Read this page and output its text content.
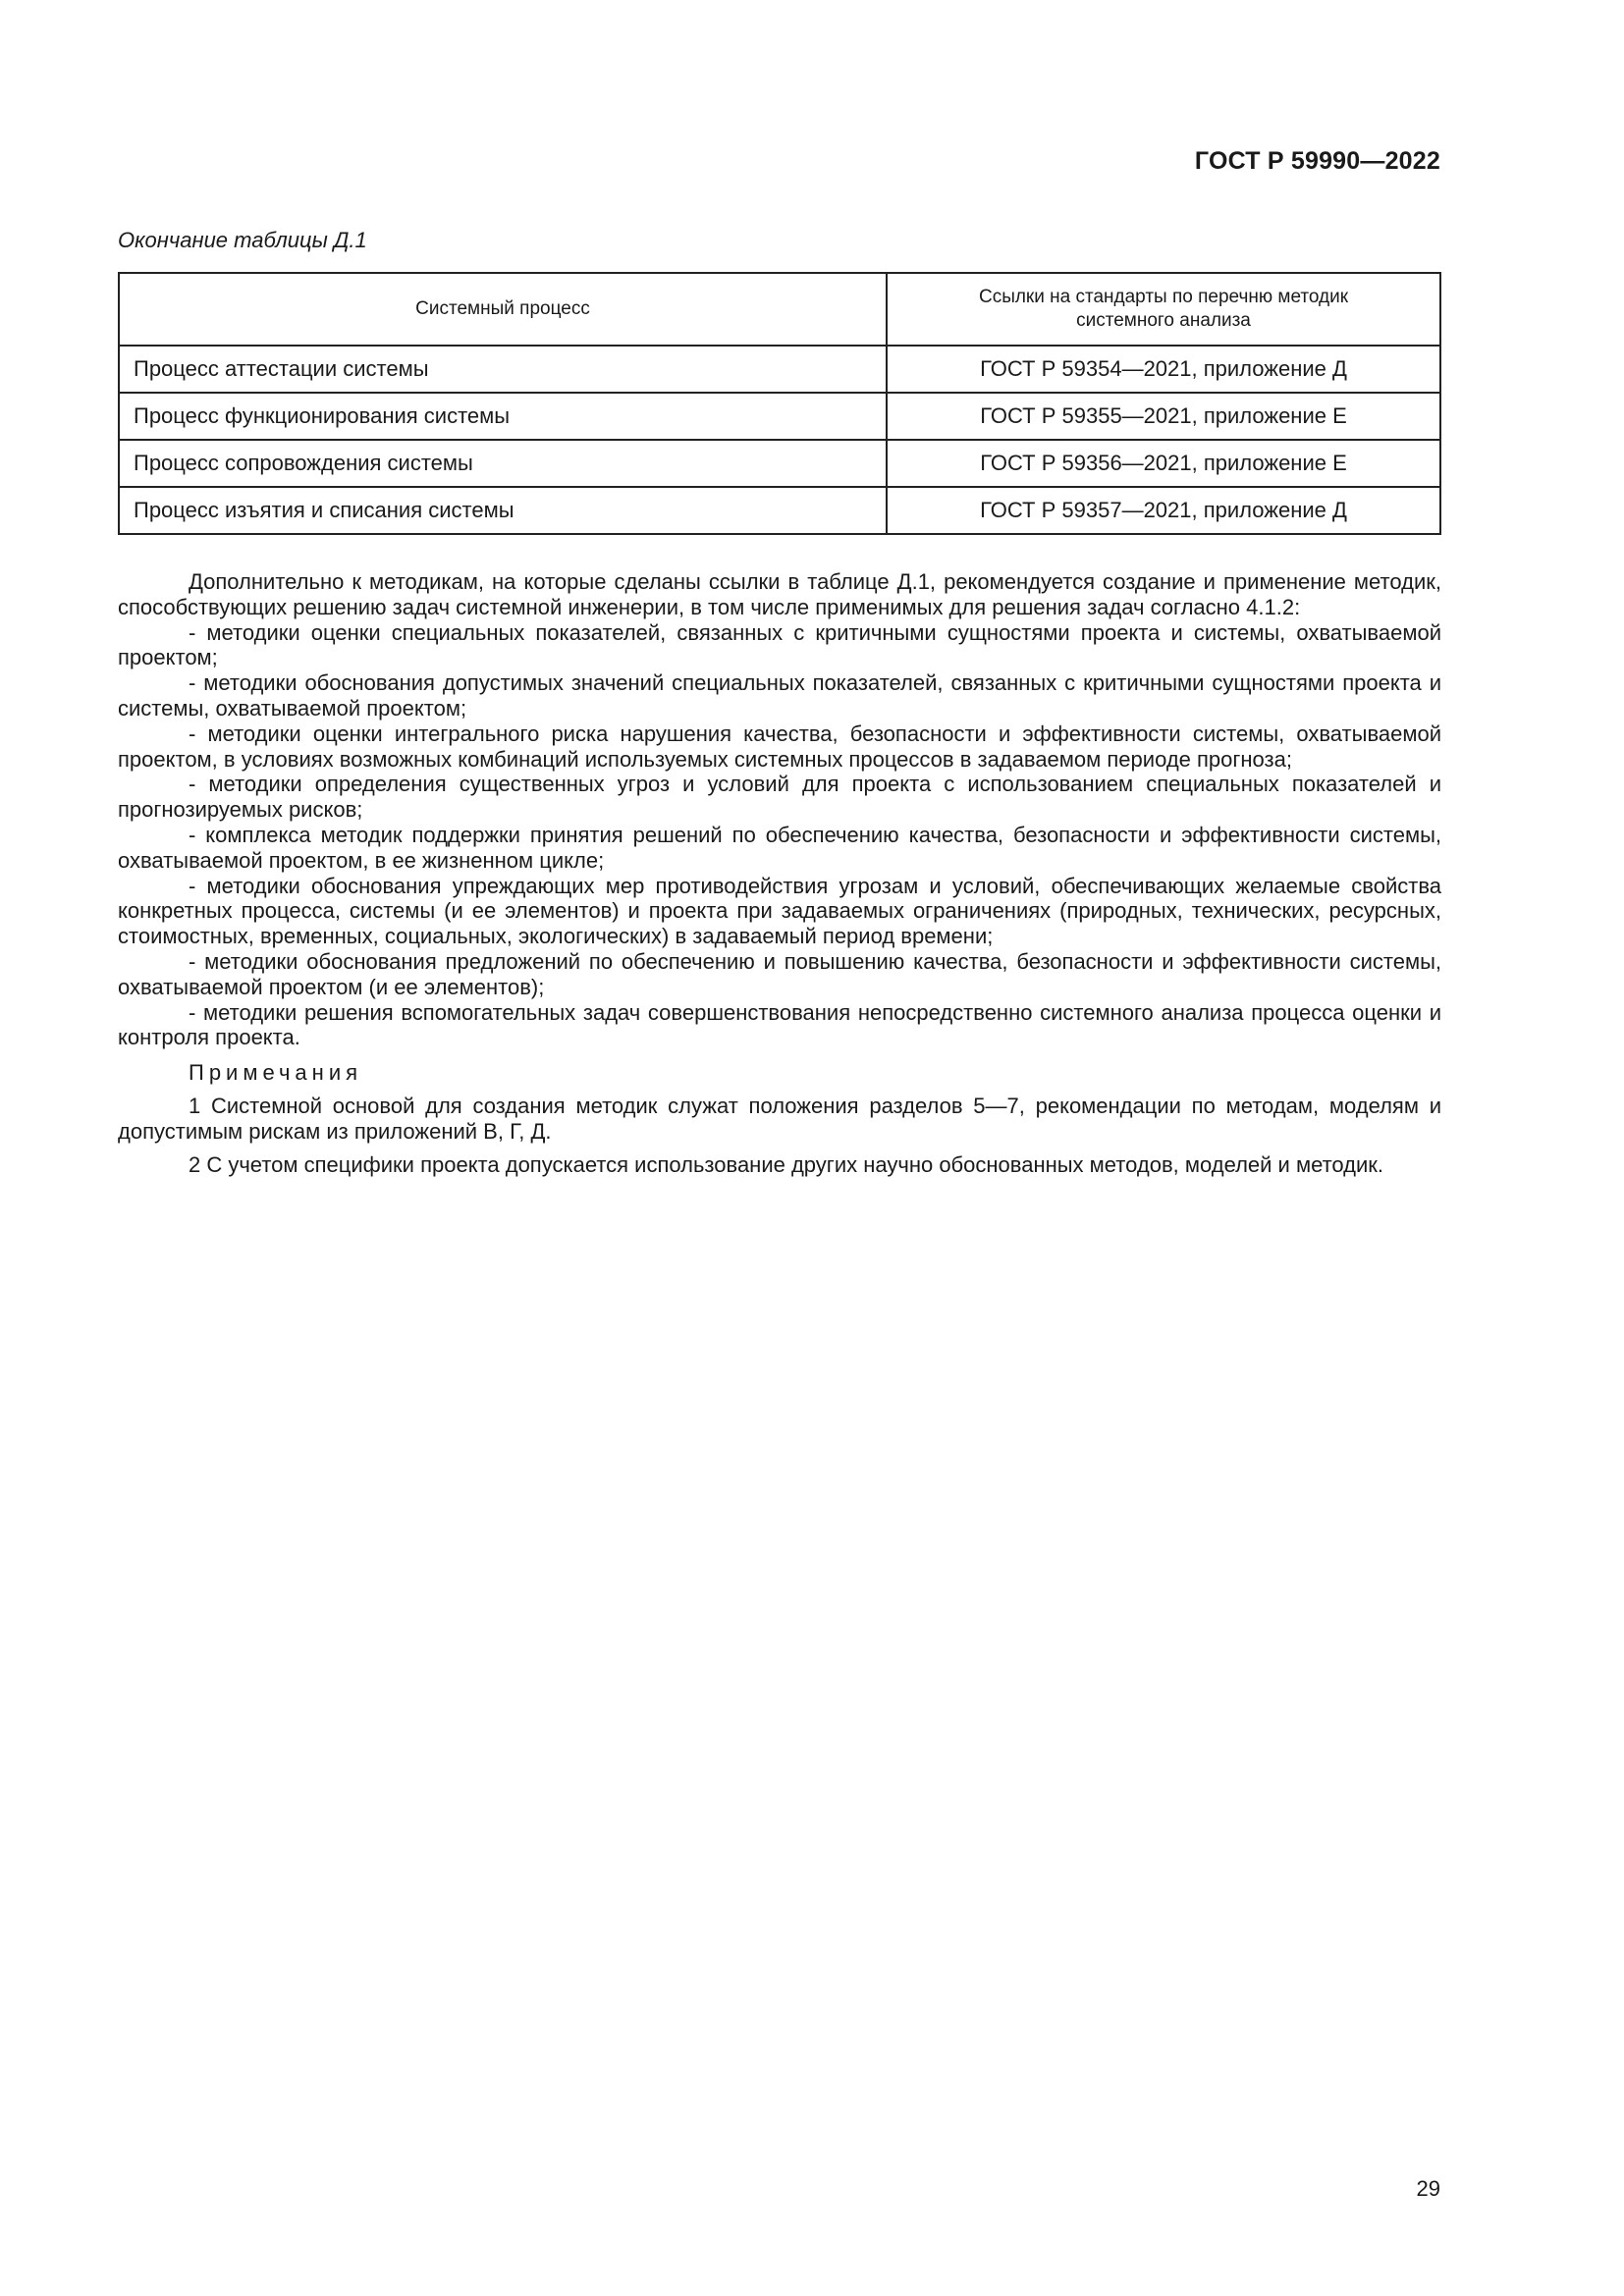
ГОСТ Р 59990—2022
Окончание таблицы Д.1
Системный процесс	Ссылки на стандарты по перечню методик системного анализа
Процесс аттестации системы	ГОСТ Р 59354—2021, приложение Д
Процесс функционирования системы	ГОСТ Р 59355—2021, приложение Е
Процесс сопровождения системы	ГОСТ Р 59356—2021, приложение Е
Процесс изъятия и списания системы	ГОСТ Р 59357—2021, приложение Д

Дополнительно к методикам, на которые сделаны ссылки в таблице Д.1, рекомендуется создание и применение методик, способствующих решению задач системной инженерии, в том числе применимых для решения задач согласно 4.1.2:

- методики оценки специальных показателей, связанных с критичными сущностями проекта и системы, охватываемой проектом;

- методики обоснования допустимых значений специальных показателей, связанных с критичными сущностями проекта и системы, охватываемой проектом;

- методики оценки интегрального риска нарушения качества, безопасности и эффективности системы, охватываемой проектом, в условиях возможных комбинаций используемых системных процессов в задаваемом периоде прогноза;

- методики определения существенных угроз и условий для проекта с использованием специальных показателей и прогнозируемых рисков;

- комплекса методик поддержки принятия решений по обеспечению качества, безопасности и эффективности системы, охватываемой проектом, в ее жизненном цикле;

- методики обоснования упреждающих мер противодействия угрозам и условий, обеспечивающих желаемые свойства конкретных процесса, системы (и ее элементов) и проекта при задаваемых ограничениях (природных, технических, ресурсных, стоимостных, временных, социальных, экологических) в задаваемый период времени;

- методики обоснования предложений по обеспечению и повышению качества, безопасности и эффективности системы, охватываемой проектом (и ее элементов);

- методики решения вспомогательных задач совершенствования непосредственно системного анализа процесса оценки и контроля проекта.

Примечания

1 Системной основой для создания методик служат положения разделов 5—7, рекомендации по методам, моделям и допустимым рискам из приложений В, Г, Д.

2 С учетом специфики проекта допускается использование других научно обоснованных методов, моделей и методик.

29
